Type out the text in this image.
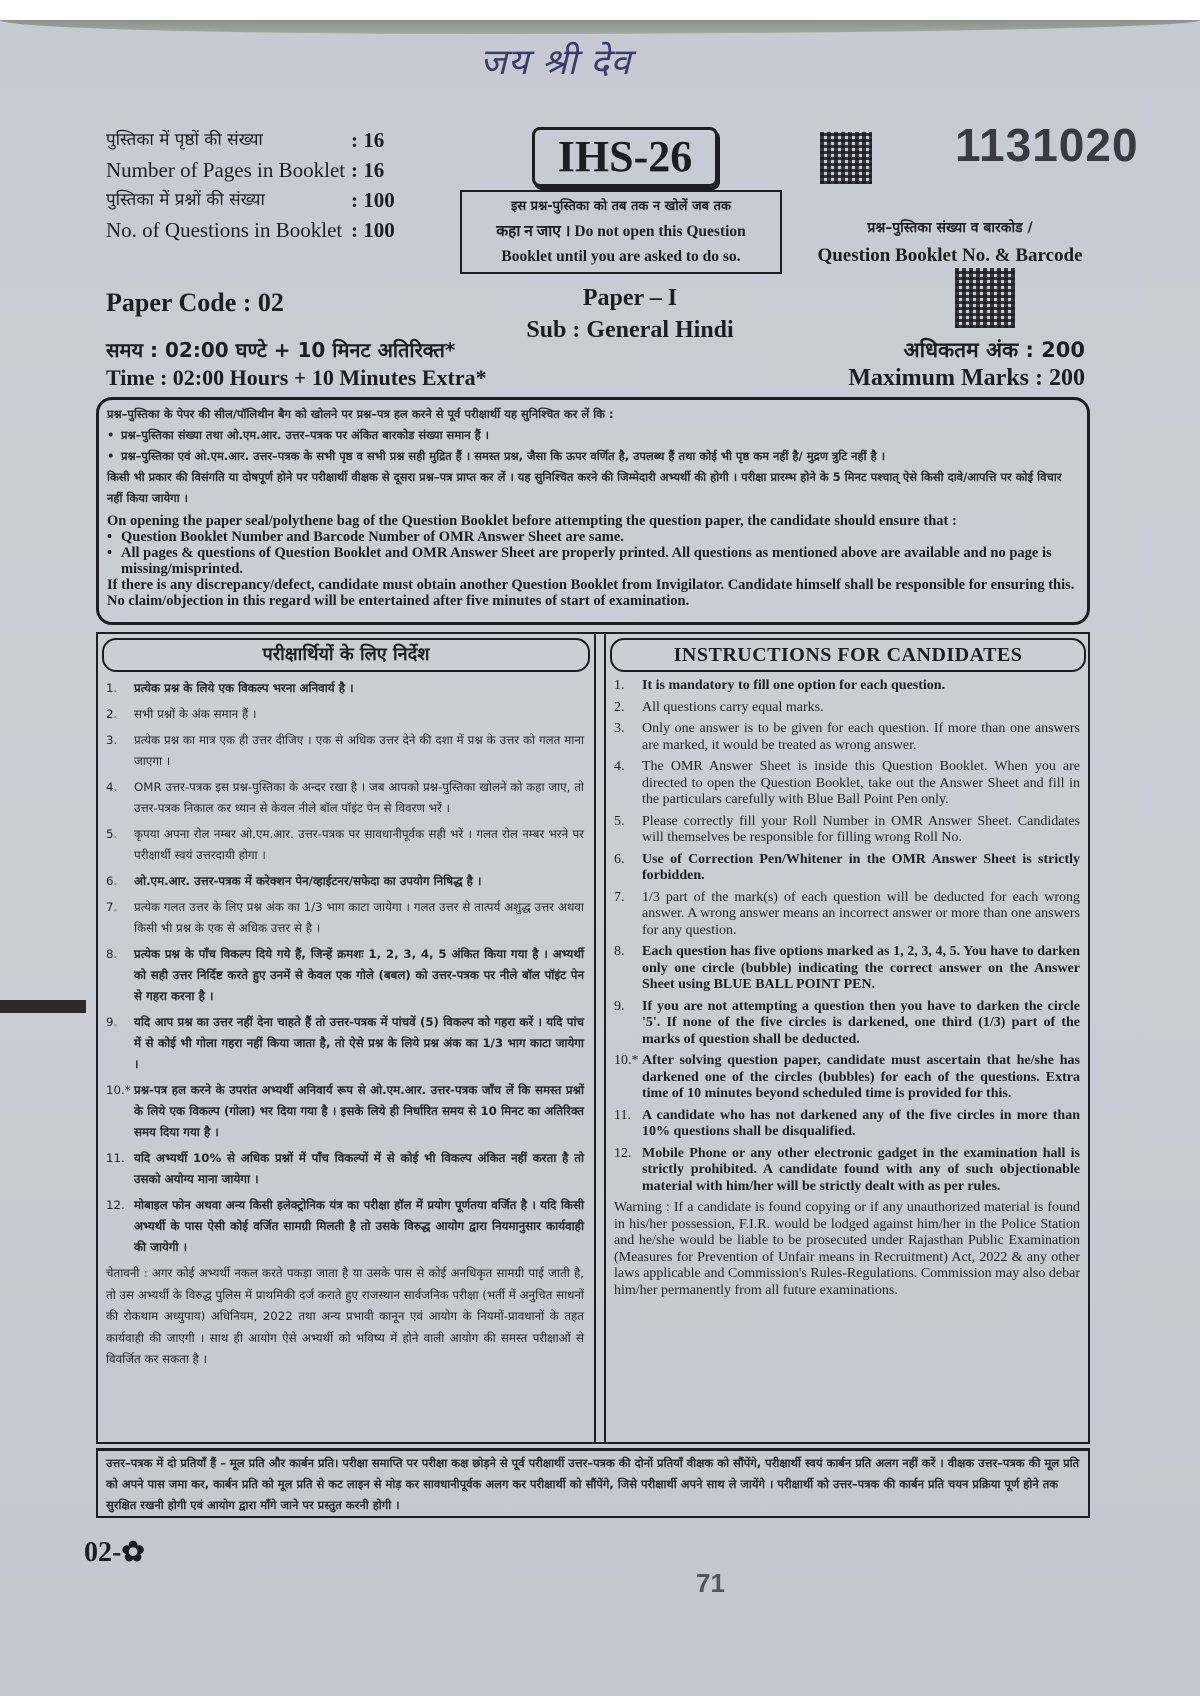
जय श्री देव
पुस्तिका में पृष्ठों की संख्या	: 16
Number of Pages in Booklet : 16
पुस्तिका में प्रश्नों की संख्या	: 100
No. of Questions in Booklet : 100
IHS-26
इस प्रश्न-पुस्तिका को तब तक न खोलें जब तक
कहा न जाए । Do not open this Question
Booklet until you are asked to do so.
1131020
प्रश्न–पुस्तिका संख्या व बारकोड /
Question Booklet No. & Barcode
Paper Code : 02	Paper – I
Sub : General Hindi
समय : 02:00 घण्टे + 10 मिनट अतिरिक्त*
Time : 02:00 Hours + 10 Minutes Extra*
अधिकतम अंक : 200
Maximum Marks : 200
प्रश्न–पुस्तिका के पेपर की सील/पॉलिथीन बैग को खोलने पर प्रश्न–पत्र हल करने से पूर्व परीक्षार्थी यह सुनिश्चित कर लें कि :
• प्रश्न–पुस्तिका संख्या तथा ओ.एम.आर. उत्तर–पत्रक पर अंकित बारकोड संख्या समान हैं ।
• प्रश्न–पुस्तिका एवं ओ.एम.आर. उत्तर–पत्रक के सभी पृष्ठ व सभी प्रश्न सही मुद्रित हैं । समस्त प्रश्न, जैसा कि ऊपर वर्णित है, उपलब्ध हैं तथा कोई भी पृष्ठ कम नहीं है/ मुद्रण त्रुटि नहीं है ।
किसी भी प्रकार की विसंगति या दोषपूर्ण होने पर परीक्षार्थी वीक्षक से दूसरा प्रश्न–पत्र प्राप्त कर लें । यह सुनिश्चित करने की जिम्मेदारी अभ्यर्थी की होगी । परीक्षा प्रारम्भ होने के 5 मिनट पश्चात् ऐसे किसी दावे/आपत्ति पर कोई विचार नहीं किया जायेगा ।
On opening the paper seal/polythene bag of the Question Booklet before attempting the question paper, the candidate should ensure that :
• Question Booklet Number and Barcode Number of OMR Answer Sheet are same.
• All pages & questions of Question Booklet and OMR Answer Sheet are properly printed. All questions as mentioned above are available and no page is missing/misprinted.
If there is any discrepancy/defect, candidate must obtain another Question Booklet from Invigilator. Candidate himself shall be responsible for ensuring this. No claim/objection in this regard will be entertained after five minutes of start of examination.
परीक्षार्थियों के लिए निर्देश
1.	प्रत्येक प्रश्न के लिये एक विकल्प भरना अनिवार्य है ।
2.	सभी प्रश्नों के अंक समान हैं ।
3.	प्रत्येक प्रश्न का मात्र एक ही उत्तर दीजिए । एक से अधिक उत्तर देने की दशा में प्रश्न के उत्तर को गलत माना जाएगा ।
4.	OMR उत्तर-पत्रक इस प्रश्न-पुस्तिका के अन्दर रखा है । जब आपको प्रश्न-पुस्तिका खोलने को कहा जाए, तो उत्तर-पत्रक निकाल कर ध्यान से केवल नीले बॉल पॉइंट पेन से विवरण भरें ।
5.	कृपया अपना रोल नम्बर ओ.एम.आर. उत्तर-पत्रक पर सावधानीपूर्वक सही भरें । गलत रोल नम्बर भरने पर परीक्षार्थी स्वयं उत्तरदायी होगा ।
6.	ओ.एम.आर. उत्तर-पत्रक में करेक्शन पेन/व्हाईटनर/सफेदा का उपयोग निषिद्ध है ।
7.	प्रत्येक गलत उत्तर के लिए प्रश्न अंक का 1/3 भाग काटा जायेगा । गलत उत्तर से तात्पर्य अशुद्ध उत्तर अथवा किसी भी प्रश्न के एक से अधिक उत्तर से है ।
8.	प्रत्येक प्रश्न के पाँच विकल्प दिये गये हैं, जिन्हें क्रमशः 1, 2, 3, 4, 5 अंकित किया गया है । अभ्यर्थी को सही उत्तर निर्दिष्ट करते हुए उनमें से केवल एक गोले (बबल) को उत्तर-पत्रक पर नीले बॉल पॉइंट पेन से गहरा करना है ।
9.	यदि आप प्रश्न का उत्तर नहीं देना चाहते हैं तो उत्तर-पत्रक में पांचवें (5) विकल्प को गहरा करें । यदि पांच में से कोई भी गोला गहरा नहीं किया जाता है, तो ऐसे प्रश्न के लिये प्रश्न अंक का 1/3 भाग काटा जायेगा ।
10.* प्रश्न-पत्र हल करने के उपरांत अभ्यर्थी अनिवार्य रूप से ओ.एम.आर. उत्तर-पत्रक जाँच लें कि समस्त प्रश्नों के लिये एक विकल्प (गोला) भर दिया गया है । इसके लिये ही निर्धारित समय से 10 मिनट का अतिरिक्त समय दिया गया है ।
11. यदि अभ्यर्थी 10% से अधिक प्रश्नों में पाँच विकल्पों में से कोई भी विकल्प अंकित नहीं करता है तो उसको अयोग्य माना जायेगा ।
12. मोबाइल फोन अथवा अन्य किसी इलेक्ट्रोनिक यंत्र का परीक्षा हॉल में प्रयोग पूर्णतया वर्जित है । यदि किसी अभ्यर्थी के पास ऐसी कोई वर्जित सामग्री मिलती है तो उसके विरुद्ध आयोग द्वारा नियमानुसार कार्यवाही की जायेगी ।
चेतावनी : अगर कोई अभ्यर्थी नकल करते पकड़ा जाता है या उसके पास से कोई अनधिकृत सामग्री पाई जाती है, तो उस अभ्यर्थी के विरुद्ध पुलिस में प्राथमिकी दर्ज कराते हुए राजस्थान सार्वजनिक परीक्षा (भर्ती में अनुचित साधनों की रोकथाम अध्युपाय) अधिनियम, 2022 तथा अन्य प्रभावी कानून एवं आयोग के नियमों-प्रावधानों के तहत कार्यवाही की जाएगी । साथ ही आयोग ऐसे अभ्यर्थी को भविष्य में होने वाली आयोग की समस्त परीक्षाओं से विवर्जित कर सकता है ।
INSTRUCTIONS FOR CANDIDATES
1.	It is mandatory to fill one option for each question.
2.	All questions carry equal marks.
3.	Only one answer is to be given for each question. If more than one answers are marked, it would be treated as wrong answer.
4.	The OMR Answer Sheet is inside this Question Booklet. When you are directed to open the Question Booklet, take out the Answer Sheet and fill in the particulars carefully with Blue Ball Point Pen only.
5.	Please correctly fill your Roll Number in OMR Answer Sheet. Candidates will themselves be responsible for filling wrong Roll No.
6.	Use of Correction Pen/Whitener in the OMR Answer Sheet is strictly forbidden.
7.	1/3 part of the mark(s) of each question will be deducted for each wrong answer. A wrong answer means an incorrect answer or more than one answers for any question.
8.	Each question has five options marked as 1, 2, 3, 4, 5. You have to darken only one circle (bubble) indicating the correct answer on the Answer Sheet using BLUE BALL POINT PEN.
9.	If you are not attempting a question then you have to darken the circle '5'. If none of the five circles is darkened, one third (1/3) part of the marks of question shall be deducted.
10.* After solving question paper, candidate must ascertain that he/she has darkened one of the circles (bubbles) for each of the questions. Extra time of 10 minutes beyond scheduled time is provided for this.
11. A candidate who has not darkened any of the five circles in more than 10% questions shall be disqualified.
12. Mobile Phone or any other electronic gadget in the examination hall is strictly prohibited. A candidate found with any of such objectionable material with him/her will be strictly dealt with as per rules.
Warning : If a candidate is found copying or if any unauthorized material is found in his/her possession, F.I.R. would be lodged against him/her in the Police Station and he/she would be liable to be prosecuted under Rajasthan Public Examination (Measures for Prevention of Unfair means in Recruitment) Act, 2022 & any other laws applicable and Commission's Rules-Regulations. Commission may also debar him/her permanently from all future examinations.
उत्तर–पत्रक में दो प्रतियाँ हैं – मूल प्रति और कार्बन प्रति। परीक्षा समाप्ति पर परीक्षा कक्ष छोड़ने से पूर्व परीक्षार्थी उत्तर–पत्रक की दोनों प्रतियाँ वीक्षक को सौंपेंगे, परीक्षार्थी स्वयं कार्बन प्रति अलग नहीं करें । वीक्षक उत्तर–पत्रक की मूल प्रति को अपने पास जमा कर, कार्बन प्रति को मूल प्रति से कट लाइन से मोड़ कर सावधानीपूर्वक अलग कर परीक्षार्थी को सौंपेंगे, जिसे परीक्षार्थी अपने साथ ले जायेंगे । परीक्षार्थी को उत्तर–पत्रक की कार्बन प्रति चयन प्रक्रिया पूर्ण होने तक सुरक्षित रखनी होगी एवं आयोग द्वारा माँगे जाने पर प्रस्तुत करनी होगी ।
02-✿
71
